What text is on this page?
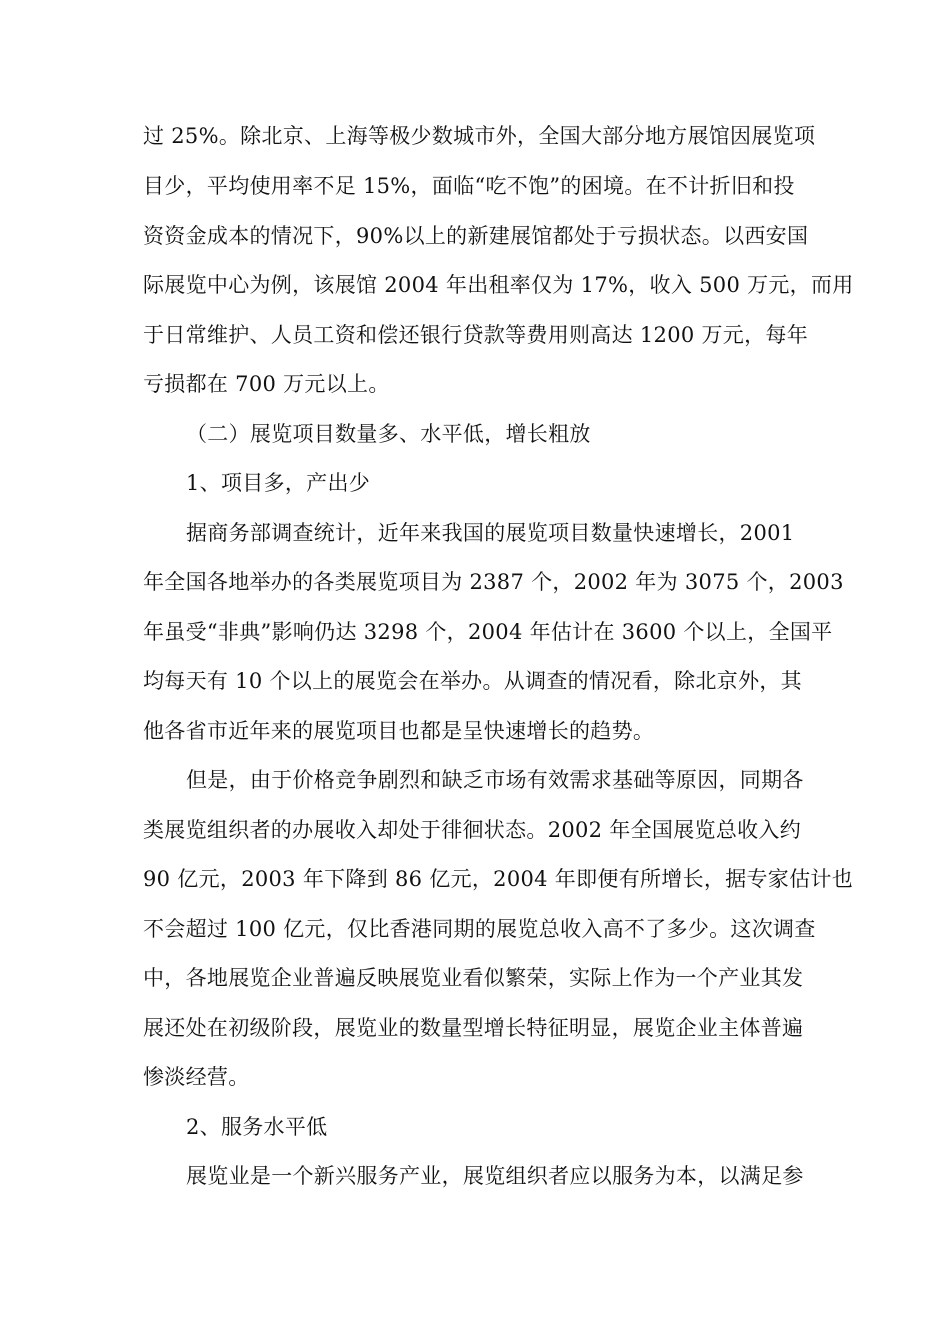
过 25%。除北京、上海等极少数城市外，全国大部分地方展馆因展览项

目少，平均使用率不足 15%，面临“吃不饱”的困境。在不计折旧和投

资资金成本的情况下，90%以上的新建展馆都处于亏损状态。以西安国

际展览中心为例，该展馆 2004 年出租率仅为 17%，收入 500 万元，而用

于日常维护、人员工资和偿还银行贷款等费用则高达 1200 万元，每年

亏损都在 700 万元以上。

（二）展览项目数量多、水平低，增长粗放

1、项目多，产出少

据商务部调查统计，近年来我国的展览项目数量快速增长，2001

年全国各地举办的各类展览项目为 2387 个，2002 年为 3075 个，2003

年虽受“非典”影响仍达 3298 个，2004 年估计在 3600 个以上，全国平

均每天有 10 个以上的展览会在举办。从调查的情况看，除北京外，其

他各省市近年来的展览项目也都是呈快速增长的趋势。

但是，由于价格竞争剧烈和缺乏市场有效需求基础等原因，同期各

类展览组织者的办展收入却处于徘徊状态。2002 年全国展览总收入约

90 亿元，2003 年下降到 86 亿元，2004 年即便有所增长，据专家估计也

不会超过 100 亿元，仅比香港同期的展览总收入高不了多少。这次调查

中，各地展览企业普遍反映展览业看似繁荣，实际上作为一个产业其发

展还处在初级阶段，展览业的数量型增长特征明显，展览企业主体普遍

惨淡经营。

2、服务水平低

展览业是一个新兴服务产业，展览组织者应以服务为本，以满足参
